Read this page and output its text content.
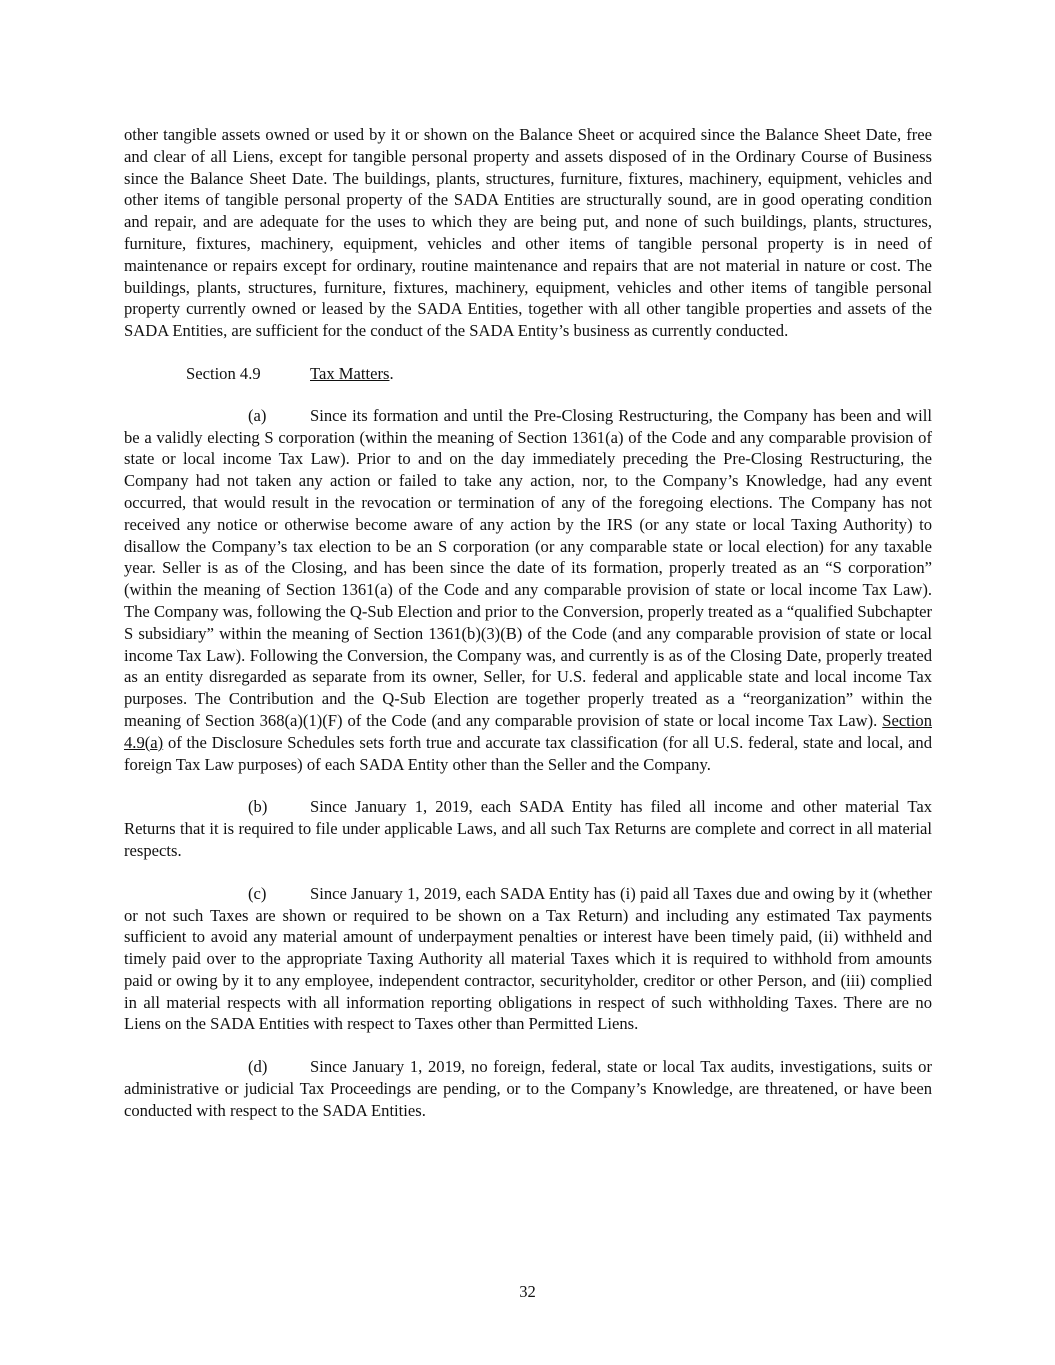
other tangible assets owned or used by it or shown on the Balance Sheet or acquired since the Balance Sheet Date, free and clear of all Liens, except for tangible personal property and assets disposed of in the Ordinary Course of Business since the Balance Sheet Date. The buildings, plants, structures, furniture, fixtures, machinery, equipment, vehicles and other items of tangible personal property of the SADA Entities are structurally sound, are in good operating condition and repair, and are adequate for the uses to which they are being put, and none of such buildings, plants, structures, furniture, fixtures, machinery, equipment, vehicles and other items of tangible personal property is in need of maintenance or repairs except for ordinary, routine maintenance and repairs that are not material in nature or cost. The buildings, plants, structures, furniture, fixtures, machinery, equipment, vehicles and other items of tangible personal property currently owned or leased by the SADA Entities, together with all other tangible properties and assets of the SADA Entities, are sufficient for the conduct of the SADA Entity’s business as currently conducted.

Section 4.9	Tax Matters.

(a)	Since its formation and until the Pre-Closing Restructuring, the Company has been and will be a validly electing S corporation (within the meaning of Section 1361(a) of the Code and any comparable provision of state or local income Tax Law). Prior to and on the day immediately preceding the Pre-Closing Restructuring, the Company had not taken any action or failed to take any action, nor, to the Company’s Knowledge, had any event occurred, that would result in the revocation or termination of any of the foregoing elections. The Company has not received any notice or otherwise become aware of any action by the IRS (or any state or local Taxing Authority) to disallow the Company’s tax election to be an S corporation (or any comparable state or local election) for any taxable year. Seller is as of the Closing, and has been since the date of its formation, properly treated as an “S corporation” (within the meaning of Section 1361(a) of the Code and any comparable provision of state or local income Tax Law). The Company was, following the Q-Sub Election and prior to the Conversion, properly treated as a “qualified Subchapter S subsidiary” within the meaning of Section 1361(b)(3)(B) of the Code (and any comparable provision of state or local income Tax Law). Following the Conversion, the Company was, and currently is as of the Closing Date, properly treated as an entity disregarded as separate from its owner, Seller, for U.S. federal and applicable state and local income Tax purposes. The Contribution and the Q-Sub Election are together properly treated as a “reorganization” within the meaning of Section 368(a)(1)(F) of the Code (and any comparable provision of state or local income Tax Law). Section 4.9(a) of the Disclosure Schedules sets forth true and accurate tax classification (for all U.S. federal, state and local, and foreign Tax Law purposes) of each SADA Entity other than the Seller and the Company.

(b)	Since January 1, 2019, each SADA Entity has filed all income and other material Tax Returns that it is required to file under applicable Laws, and all such Tax Returns are complete and correct in all material respects.

(c)	Since January 1, 2019, each SADA Entity has (i) paid all Taxes due and owing by it (whether or not such Taxes are shown or required to be shown on a Tax Return) and including any estimated Tax payments sufficient to avoid any material amount of underpayment penalties or interest have been timely paid, (ii) withheld and timely paid over to the appropriate Taxing Authority all material Taxes which it is required to withhold from amounts paid or owing by it to any employee, independent contractor, securityholder, creditor or other Person, and (iii) complied in all material respects with all information reporting obligations in respect of such withholding Taxes. There are no Liens on the SADA Entities with respect to Taxes other than Permitted Liens.

(d)	Since January 1, 2019, no foreign, federal, state or local Tax audits, investigations, suits or administrative or judicial Tax Proceedings are pending, or to the Company’s Knowledge, are threatened, or have been conducted with respect to the SADA Entities.

32
